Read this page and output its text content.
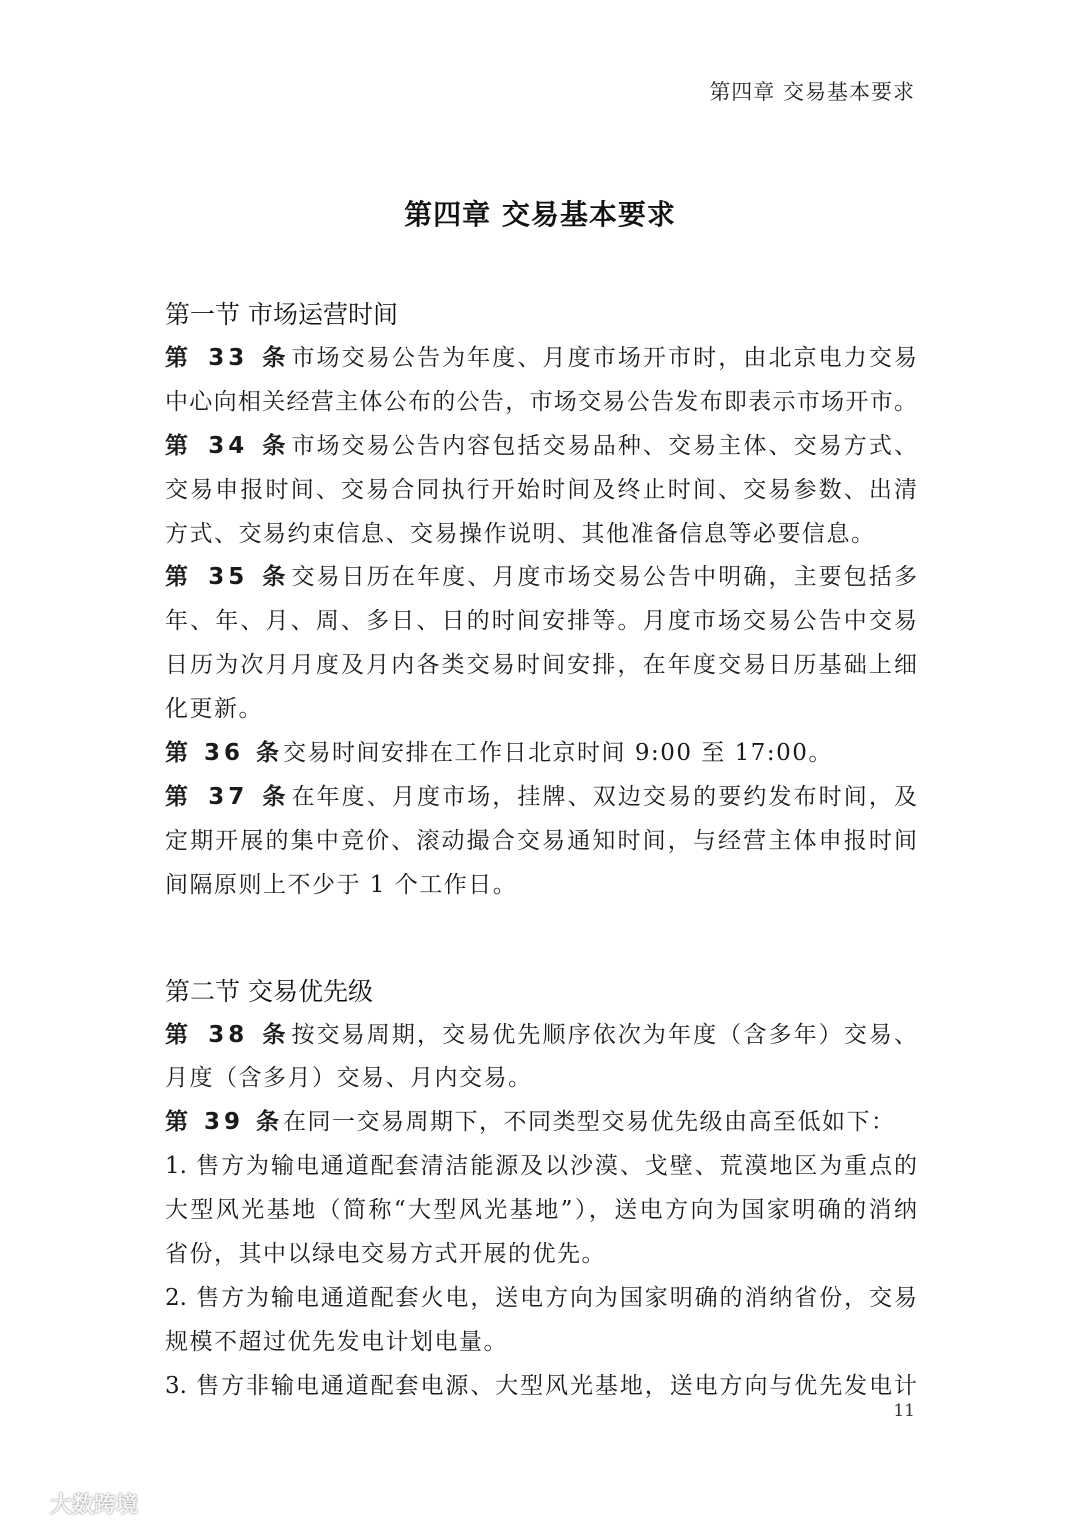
第四章 交易基本要求
第四章 交易基本要求
第一节 市场运营时间
第 33 条市场交易公告为年度、月度市场开市时，由北京电力交易
中心向相关经营主体公布的公告，市场交易公告发布即表示市场开市。
第 34 条市场交易公告内容包括交易品种、交易主体、交易方式、
交易申报时间、交易合同执行开始时间及终止时间、交易参数、出清
方式、交易约束信息、交易操作说明、其他准备信息等必要信息。
第 35 条交易日历在年度、月度市场交易公告中明确，主要包括多
年、年、月、周、多日、日的时间安排等。月度市场交易公告中交易
日历为次月月度及月内各类交易时间安排，在年度交易日历基础上细
化更新。
第 36 条交易时间安排在工作日北京时间 9:00 至 17:00。
第 37 条在年度、月度市场，挂牌、双边交易的要约发布时间，及
定期开展的集中竞价、滚动撮合交易通知时间，与经营主体申报时间
间隔原则上不少于 1 个工作日。
第二节 交易优先级
第 38 条按交易周期，交易优先顺序依次为年度（含多年）交易、
月度（含多月）交易、月内交易。
第 39 条在同一交易周期下，不同类型交易优先级由高至低如下：
1. 售方为输电通道配套清洁能源及以沙漠、戈壁、荒漠地区为重点的
大型风光基地（简称“大型风光基地”），送电方向为国家明确的消纳
省份，其中以绿电交易方式开展的优先。
2. 售方为输电通道配套火电，送电方向为国家明确的消纳省份，交易
规模不超过优先发电计划电量。
3. 售方非输电通道配套电源、大型风光基地，送电方向与优先发电计
11
大数跨境
